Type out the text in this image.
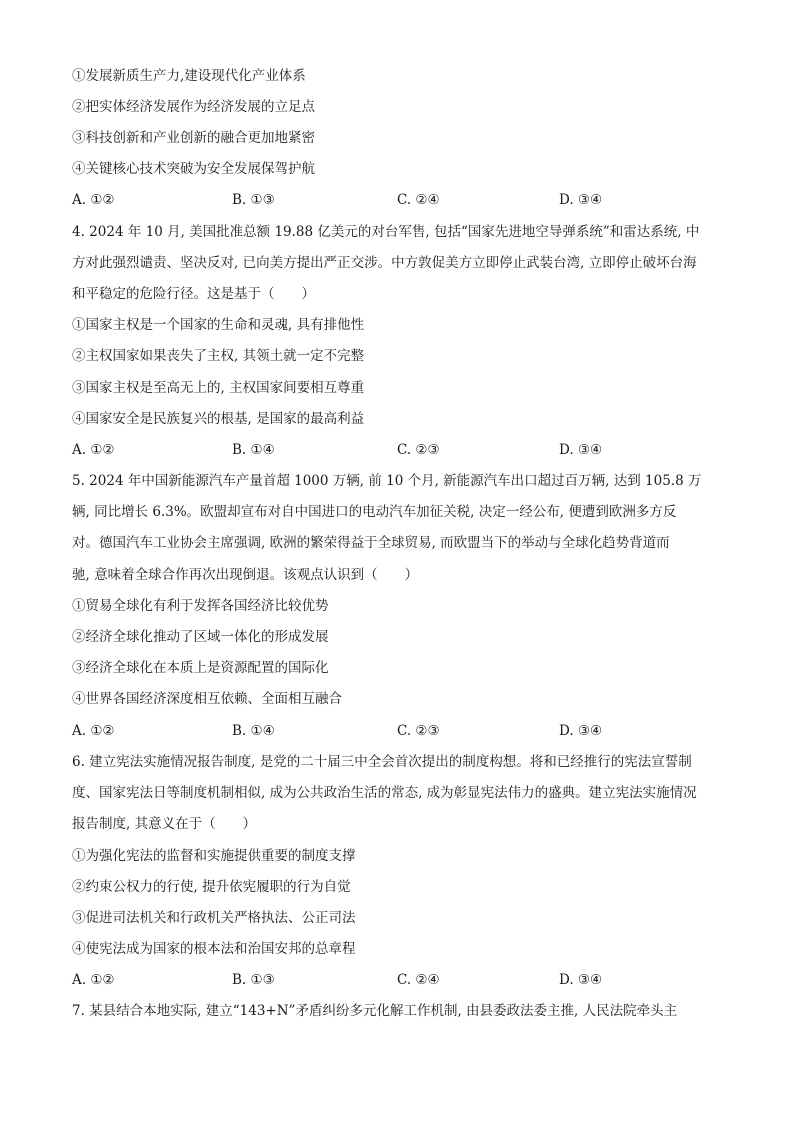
①发展新质生产力,建设现代化产业体系
②把实体经济发展作为经济发展的立足点
③科技创新和产业创新的融合更加地紧密
④关键核心技术突破为安全发展保驾护航
A. ①②	B. ①③	C. ②④	D. ③④
4. 2024 年 10 月, 美国批准总额 19.88 亿美元的对台军售, 包括“国家先进地空导弹系统”和雷达系统, 中
方对此强烈谴责、坚决反对, 已向美方提出严正交涉。中方敦促美方立即停止武装台湾, 立即停止破坏台海
和平稳定的危险行径。这是基于（　　）
①国家主权是一个国家的生命和灵魂, 具有排他性
②主权国家如果丧失了主权, 其领土就一定不完整
③国家主权是至高无上的, 主权国家间要相互尊重
④国家安全是民族复兴的根基, 是国家的最高利益
A. ①②	B. ①④	C. ②③	D. ③④
5. 2024 年中国新能源汽车产量首超 1000 万辆, 前 10 个月, 新能源汽车出口超过百万辆, 达到 105.8 万
辆, 同比增长 6.3%。欧盟却宣布对自中国进口的电动汽车加征关税, 决定一经公布, 便遭到欧洲多方反
对。德国汽车工业协会主席强调, 欧洲的繁荣得益于全球贸易, 而欧盟当下的举动与全球化趋势背道而
驰, 意味着全球合作再次出现倒退。该观点认识到（　　）
①贸易全球化有利于发挥各国经济比较优势
②经济全球化推动了区域一体化的形成发展
③经济全球化在本质上是资源配置的国际化
④世界各国经济深度相互依赖、全面相互融合
A. ①②	B. ①④	C. ②③	D. ③④
6. 建立宪法实施情况报告制度, 是党的二十届三中全会首次提出的制度构想。将和已经推行的宪法宣誓制
度、国家宪法日等制度机制相似, 成为公共政治生活的常态, 成为彰显宪法伟力的盛典。建立宪法实施情况
报告制度, 其意义在于（　　）
①为强化宪法的监督和实施提供重要的制度支撑
②约束公权力的行使, 提升依宪履职的行为自觉
③促进司法机关和行政机关严格执法、公正司法
④使宪法成为国家的根本法和治国安邦的总章程
A. ①②	B. ①③	C. ②④	D. ③④
7. 某县结合本地实际, 建立“143+N”矛盾纠纷多元化解工作机制, 由县委政法委主推, 人民法院牵头主
